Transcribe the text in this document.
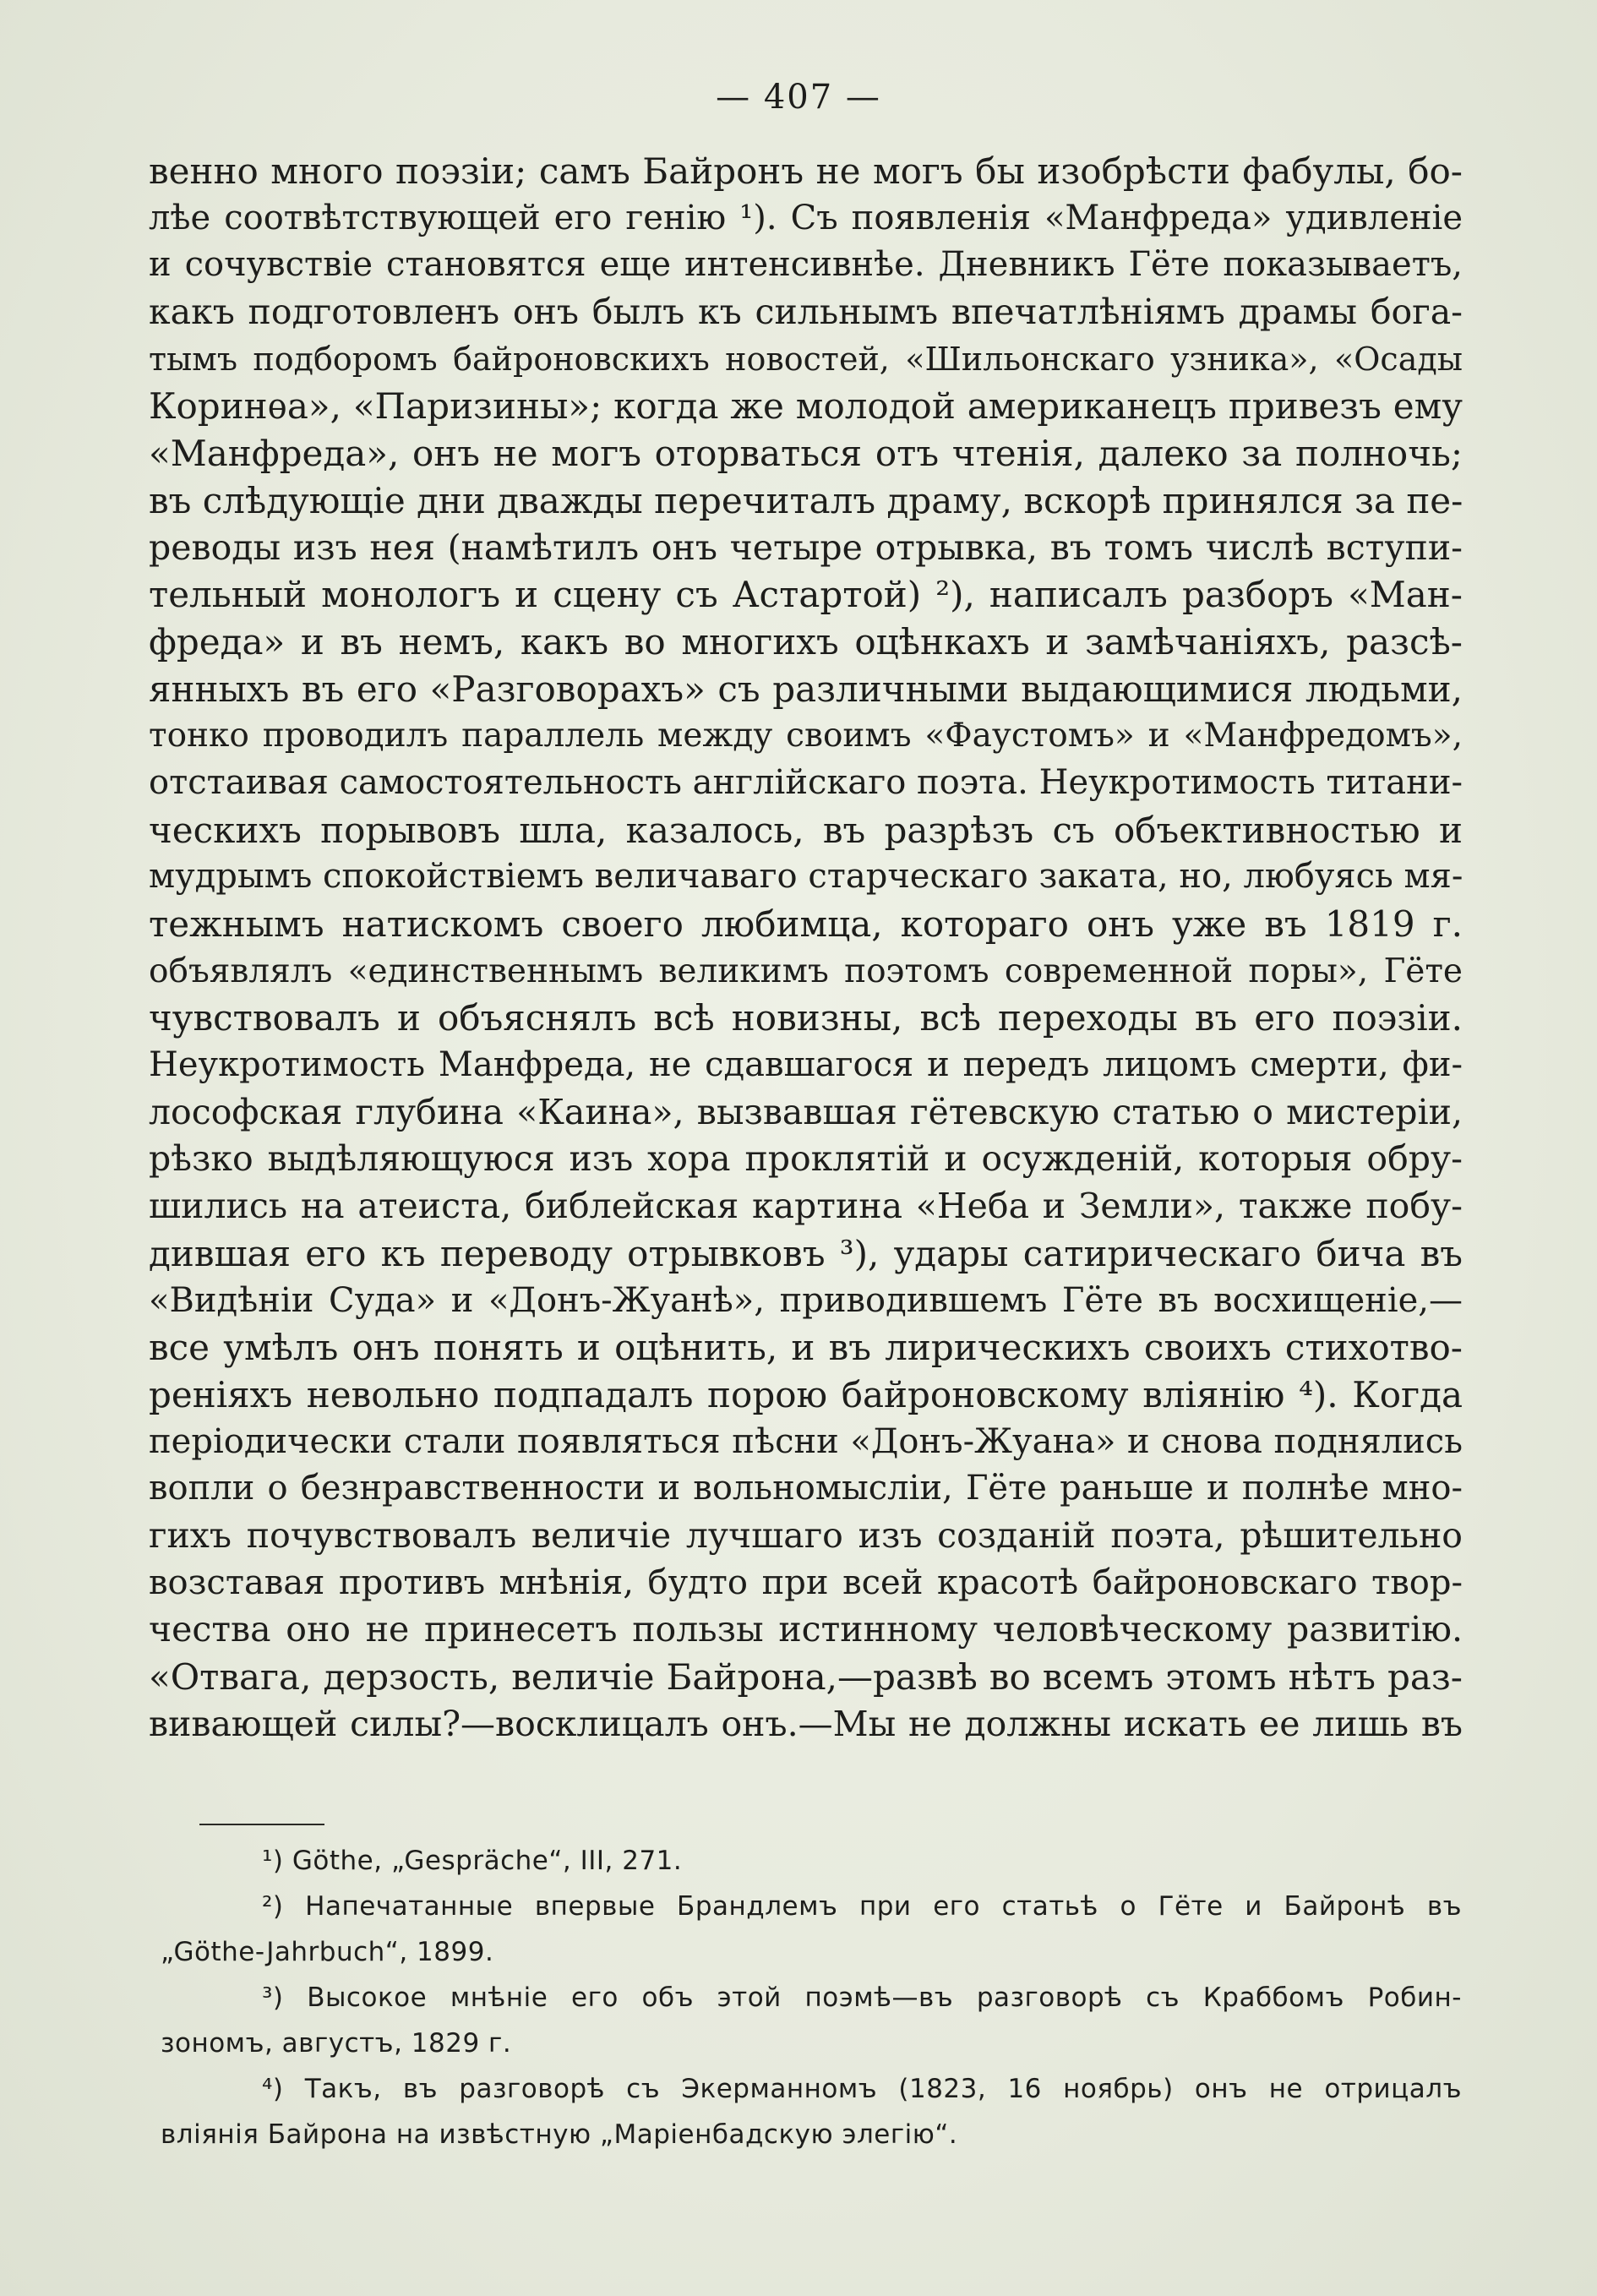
— 407 —
венно много поэзіи; самъ Байронъ не могъ бы изобрѣсти фабулы, бо-
лѣе соотвѣтствующей его генію ¹). Съ появленія «Манфреда» удивленіе
и сочувствіе становятся еще интенсивнѣе. Дневникъ Гёте показываетъ,
какъ подготовленъ онъ былъ къ сильнымъ впечатлѣніямъ драмы бога-
тымъ подборомъ байроновскихъ новостей, «Шильонскаго узника», «Осады
Коринѳа», «Паризины»; когда же молодой американецъ привезъ ему
«Манфреда», онъ не могъ оторваться отъ чтенія, далеко за полночь;
въ слѣдующіе дни дважды перечиталъ драму, вскорѣ принялся за пе-
реводы изъ нея (намѣтилъ онъ четыре отрывка, въ томъ числѣ вступи-
тельный монологъ и сцену съ Астартой) ²), написалъ разборъ «Ман-
фреда» и въ немъ, какъ во многихъ оцѣнкахъ и замѣчаніяхъ, разсѣ-
янныхъ въ его «Разговорахъ» съ различными выдающимися людьми,
тонко проводилъ параллель между своимъ «Фаустомъ» и «Манфредомъ»,
отстаивая самостоятельность англійскаго поэта. Неукротимость титани-
ческихъ порывовъ шла, казалось, въ разрѣзъ съ объективностью и
мудрымъ спокойствіемъ величаваго старческаго заката, но, любуясь мя-
тежнымъ натискомъ своего любимца, котораго онъ уже въ 1819 г.
объявлялъ «единственнымъ великимъ поэтомъ современной поры», Гёте
чувствовалъ и объяснялъ всѣ новизны, всѣ переходы въ его поэзіи.
Неукротимость Манфреда, не сдавшагося и передъ лицомъ смерти, фи-
лософская глубина «Каина», вызвавшая гётевскую статью о мистеріи,
рѣзко выдѣляющуюся изъ хора проклятій и осужденій, которыя обру-
шились на атеиста, библейская картина «Неба и Земли», также побу-
дившая его къ переводу отрывковъ ³), удары сатирическаго бича въ
«Видѣніи Суда» и «Донъ-Жуанѣ», приводившемъ Гёте въ восхищеніе,—
все умѣлъ онъ понять и оцѣнить, и въ лирическихъ своихъ стихотво-
реніяхъ невольно подпадалъ порою байроновскому вліянію ⁴). Когда
періодически стали появляться пѣсни «Донъ-Жуана» и снова поднялись
вопли о безнравственности и вольномысліи, Гёте раньше и полнѣе мно-
гихъ почувствовалъ величіе лучшаго изъ созданій поэта, рѣшительно
возставая противъ мнѣнія, будто при всей красотѣ байроновскаго твор-
чества оно не принесетъ пользы истинному человѣческому развитію.
«Отвага, дерзость, величіе Байрона,—развѣ во всемъ этомъ нѣтъ раз-
вивающей силы?—восклицалъ онъ.—Мы не должны искать ее лишь въ
¹) Göthe, „Gespräche“, III, 271.
²) Напечатанные впервые Брандлемъ при его статьѣ о Гёте и Байронѣ въ
„Göthe-Jahrbuch“, 1899.
³) Высокое мнѣніе его объ этой поэмѣ—въ разговорѣ съ Краббомъ Робин-
зономъ, августъ, 1829 г.
⁴) Такъ, въ разговорѣ съ Экерманномъ (1823, 16 ноябрь) онъ не отрицалъ
вліянія Байрона на извѣстную „Маріенбадскую элегію“.
